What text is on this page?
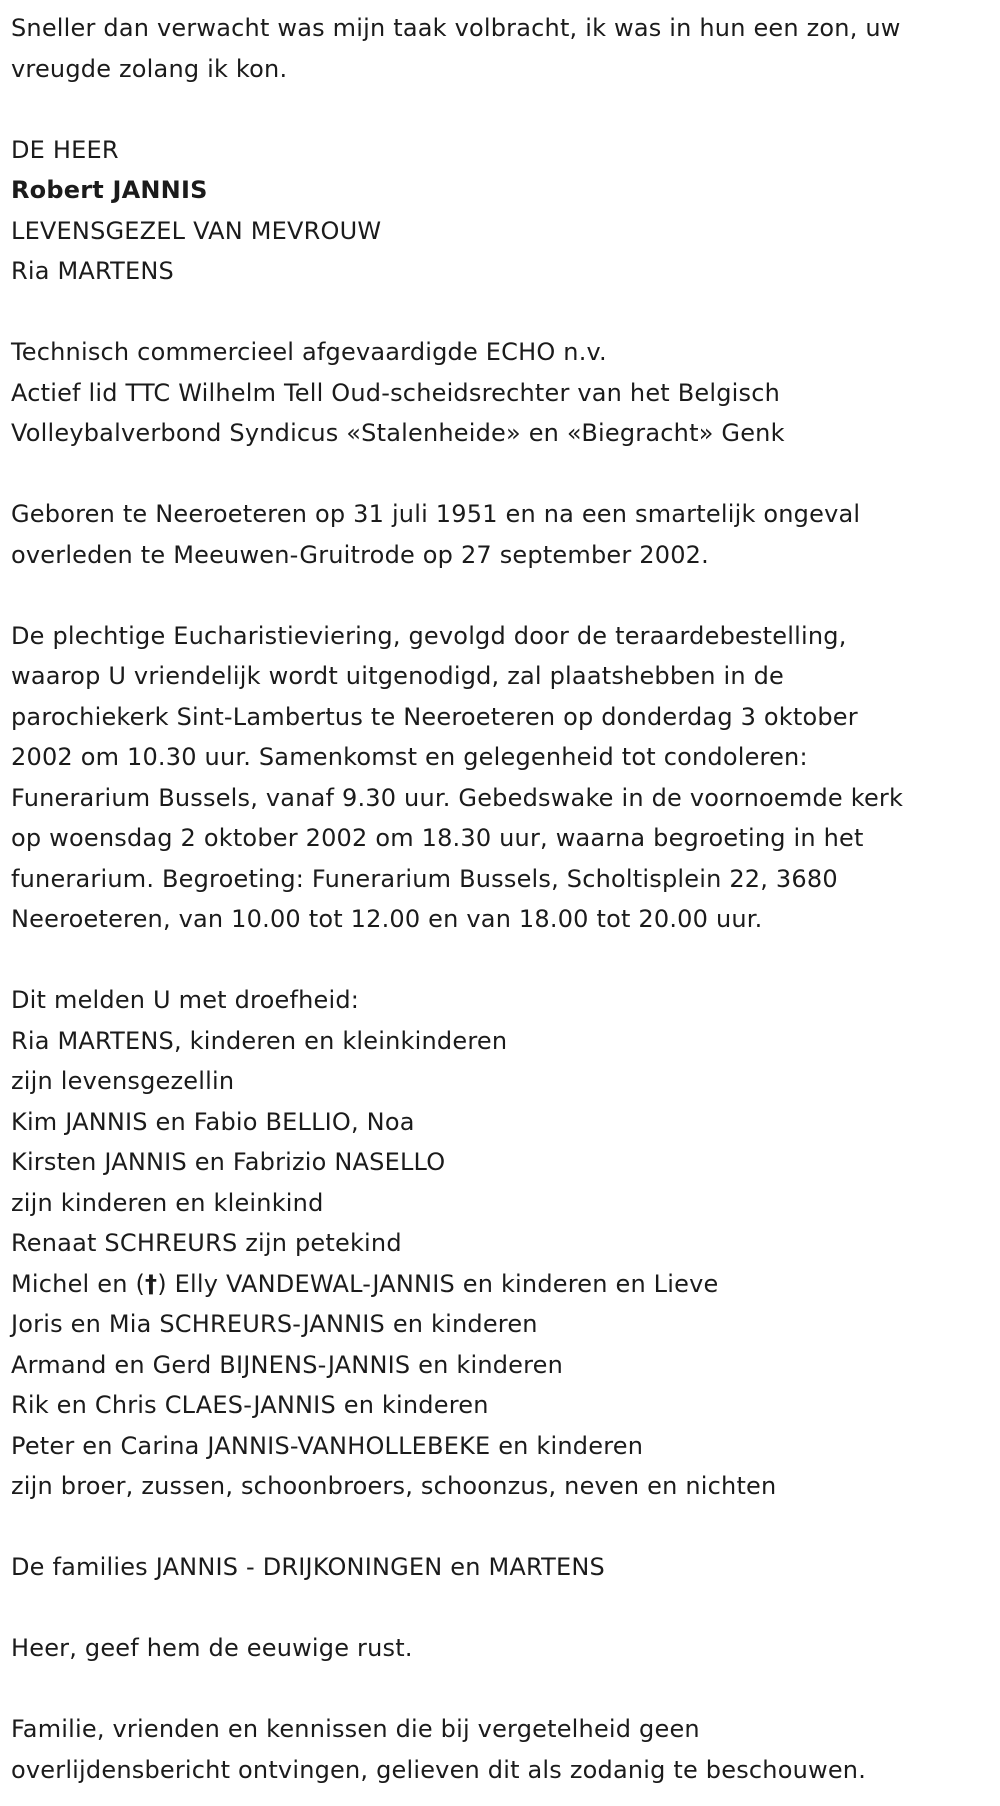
Sneller dan verwacht was mijn taak volbracht, ik was in hun een zon, uw
vreugde zolang ik kon.
DE HEER
Robert JANNIS
LEVENSGEZEL VAN MEVROUW
Ria MARTENS
Technisch commercieel afgevaardigde ECHO n.v.
Actief lid TTC Wilhelm Tell Oud-scheidsrechter van het Belgisch
Volleybalverbond Syndicus «Stalenheide» en «Biegracht» Genk
Geboren te Neeroeteren op 31 juli 1951 en na een smartelijk ongeval
overleden te Meeuwen-Gruitrode op 27 september 2002.
De plechtige Eucharistieviering, gevolgd door de teraardebestelling,
waarop U vriendelijk wordt uitgenodigd, zal plaatshebben in de
parochiekerk Sint-Lambertus te Neeroeteren op donderdag 3 oktober
2002 om 10.30 uur. Samenkomst en gelegenheid tot condoleren:
Funerarium Bussels, vanaf 9.30 uur. Gebedswake in de voornoemde kerk
op woensdag 2 oktober 2002 om 18.30 uur, waarna begroeting in het
funerarium. Begroeting: Funerarium Bussels, Scholtisplein 22, 3680
Neeroeteren, van 10.00 tot 12.00 en van 18.00 tot 20.00 uur.
Dit melden U met droefheid:
Ria MARTENS, kinderen en kleinkinderen
zijn levensgezellin
Kim JANNIS en Fabio BELLIO, Noa
Kirsten JANNIS en Fabrizio NASELLO
zijn kinderen en kleinkind
Renaat SCHREURS zijn petekind
Michel en (†) Elly VANDEWAL-JANNIS en kinderen en Lieve
Joris en Mia SCHREURS-JANNIS en kinderen
Armand en Gerd BIJNENS-JANNIS en kinderen
Rik en Chris CLAES-JANNIS en kinderen
Peter en Carina JANNIS-VANHOLLEBEKE en kinderen
zijn broer, zussen, schoonbroers, schoonzus, neven en nichten
De families JANNIS - DRIJKONINGEN en MARTENS
Heer, geef hem de eeuwige rust.
Familie, vrienden en kennissen die bij vergetelheid geen
overlijdensbericht ontvingen, gelieven dit als zodanig te beschouwen.
